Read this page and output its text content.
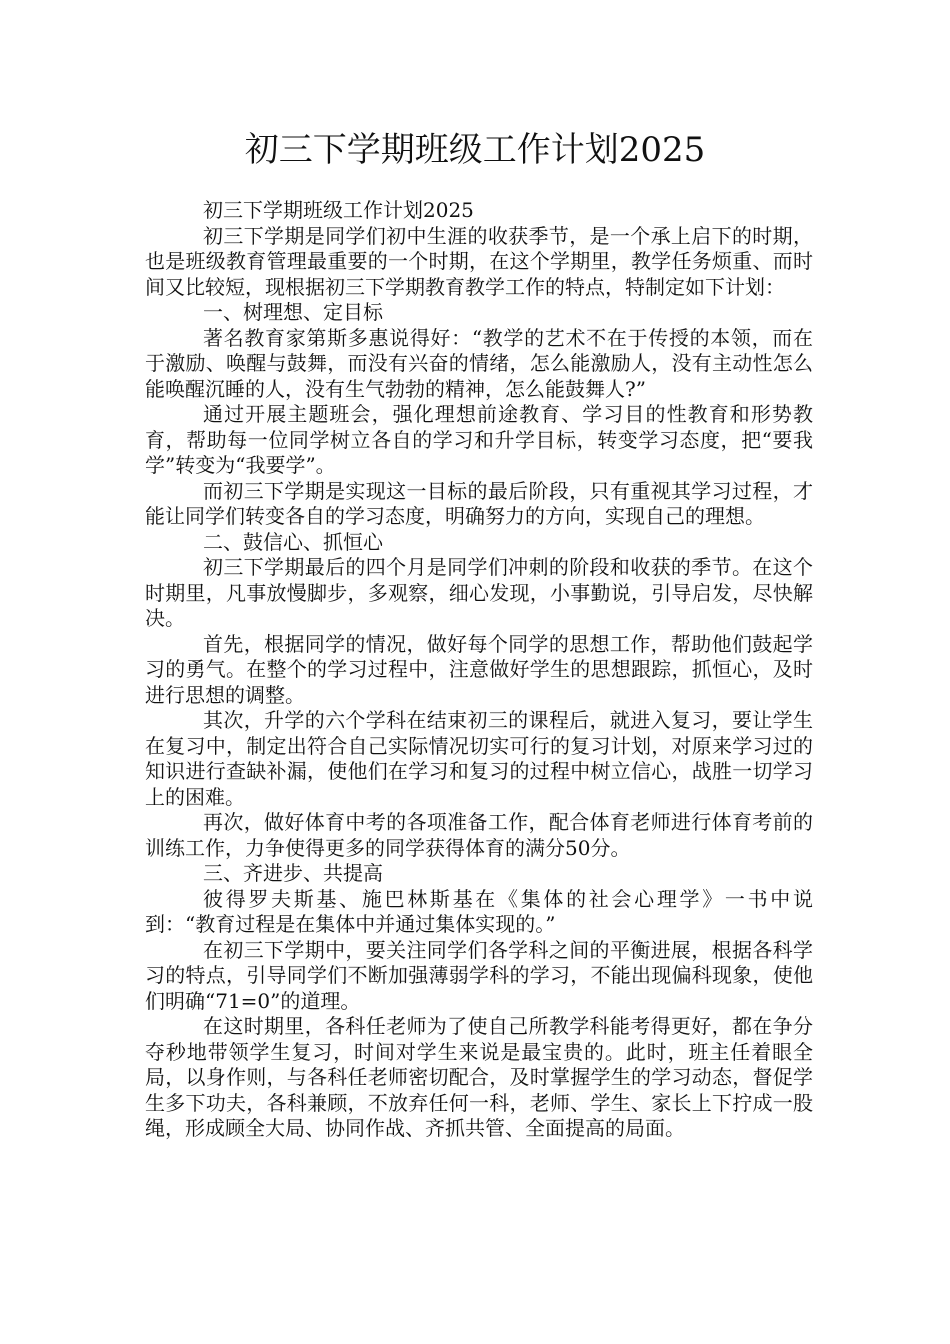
初三下学期班级工作计划2025

初三下学期班级工作计划2025

初三下学期是同学们初中生涯的收获季节，是一个承上启下的时期，也是班级教育管理最重要的一个时期，在这个学期里，教学任务烦重、而时间又比较短，现根据初三下学期教育教学工作的特点，特制定如下计划：

一、树理想、定目标

著名教育家第斯多惠说得好：“教学的艺术不在于传授的本领，而在于激励、唤醒与鼓舞，而没有兴奋的情绪，怎么能激励人，没有主动性怎么能唤醒沉睡的人，没有生气勃勃的精神，怎么能鼓舞人?”

通过开展主题班会，强化理想前途教育、学习目的性教育和形势教育，帮助每一位同学树立各自的学习和升学目标，转变学习态度，把“要我学”转变为“我要学”。

而初三下学期是实现这一目标的最后阶段，只有重视其学习过程，才能让同学们转变各自的学习态度，明确努力的方向，实现自己的理想。

二、鼓信心、抓恒心

初三下学期最后的四个月是同学们冲刺的阶段和收获的季节。在这个时期里，凡事放慢脚步，多观察，细心发现，小事勤说，引导启发，尽快解决。

首先，根据同学的情况，做好每个同学的思想工作，帮助他们鼓起学习的勇气。在整个的学习过程中，注意做好学生的思想跟踪，抓恒心，及时进行思想的调整。

其次，升学的六个学科在结束初三的课程后，就进入复习，要让学生在复习中，制定出符合自己实际情况切实可行的复习计划，对原来学习过的知识进行查缺补漏，使他们在学习和复习的过程中树立信心，战胜一切学习上的困难。

再次，做好体育中考的各项准备工作，配合体育老师进行体育考前的训练工作，力争使得更多的同学获得体育的满分50分。

三、齐进步、共提高

彼得罗夫斯基、施巴林斯基在《集体的社会心理学》一书中说到：“教育过程是在集体中并通过集体实现的。”

在初三下学期中，要关注同学们各学科之间的平衡进展，根据各科学习的特点，引导同学们不断加强薄弱学科的学习，不能出现偏科现象，使他们明确“71=0”的道理。

在这时期里，各科任老师为了使自己所教学科能考得更好，都在争分夺秒地带领学生复习，时间对学生来说是最宝贵的。此时，班主任着眼全局，以身作则，与各科任老师密切配合，及时掌握学生的学习动态，督促学生多下功夫，各科兼顾，不放弃任何一科，老师、学生、家长上下拧成一股绳，形成顾全大局、协同作战、齐抓共管、全面提高的局面。
